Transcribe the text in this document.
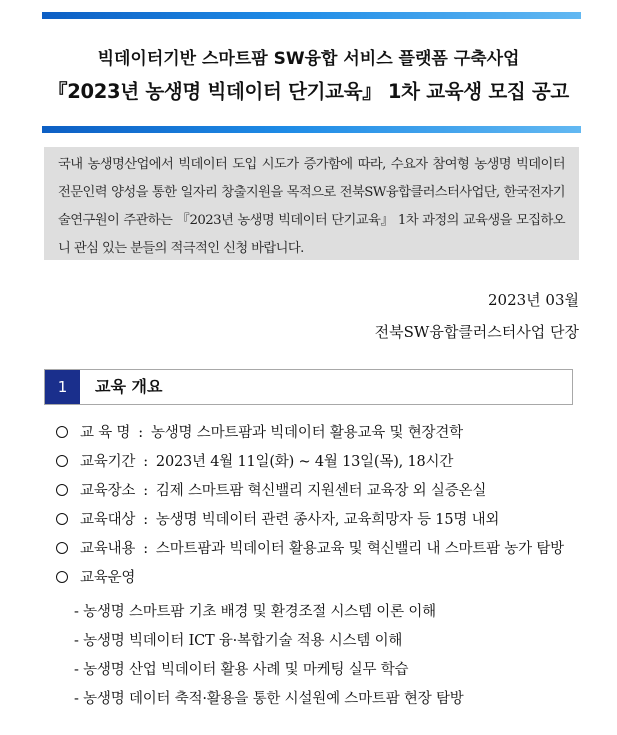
빅데이터기반 스마트팜 SW융합 서비스 플랫폼 구축사업
『2023년 농생명 빅데이터 단기교육』 1차 교육생 모집 공고

국내 농생명산업에서 빅데이터 도입 시도가 증가함에 따라, 수요자 참여형 농생명 빅데이터 전문인력 양성을 통한 일자리 창출지원을 목적으로 전북SW융합클러스터사업단, 한국전자기술연구원이 주관하는 『2023년 농생명 빅데이터 단기교육』 1차 과정의 교육생을 모집하오니 관심 있는 분들의 적극적인 신청 바랍니다.

2023년 03월
전북SW융합클러스터사업 단장
1	교육 개요
교 육 명 : 농생명 스마트팜과 빅데이터 활용교육 및 현장견학
교육기간 : 2023년 4월 11일(화) ~ 4월 13일(목), 18시간
교육장소 : 김제 스마트팜 혁신밸리 지원센터 교육장 외 실증온실
교육대상 : 농생명 빅데이터 관련 종사자, 교육희망자 등 15명 내외
교육내용 : 스마트팜과 빅데이터 활용교육 및 혁신밸리 내 스마트팜 농가 탐방
교육운영
- 농생명 스마트팜 기초 배경 및 환경조절 시스템 이론 이해
- 농생명 빅데이터 ICT 융·복합기술 적용 시스템 이해
- 농생명 산업 빅데이터 활용 사례 및 마케팅 실무 학습
- 농생명 데이터 축적·활용을 통한 시설원예 스마트팜 현장 탐방
